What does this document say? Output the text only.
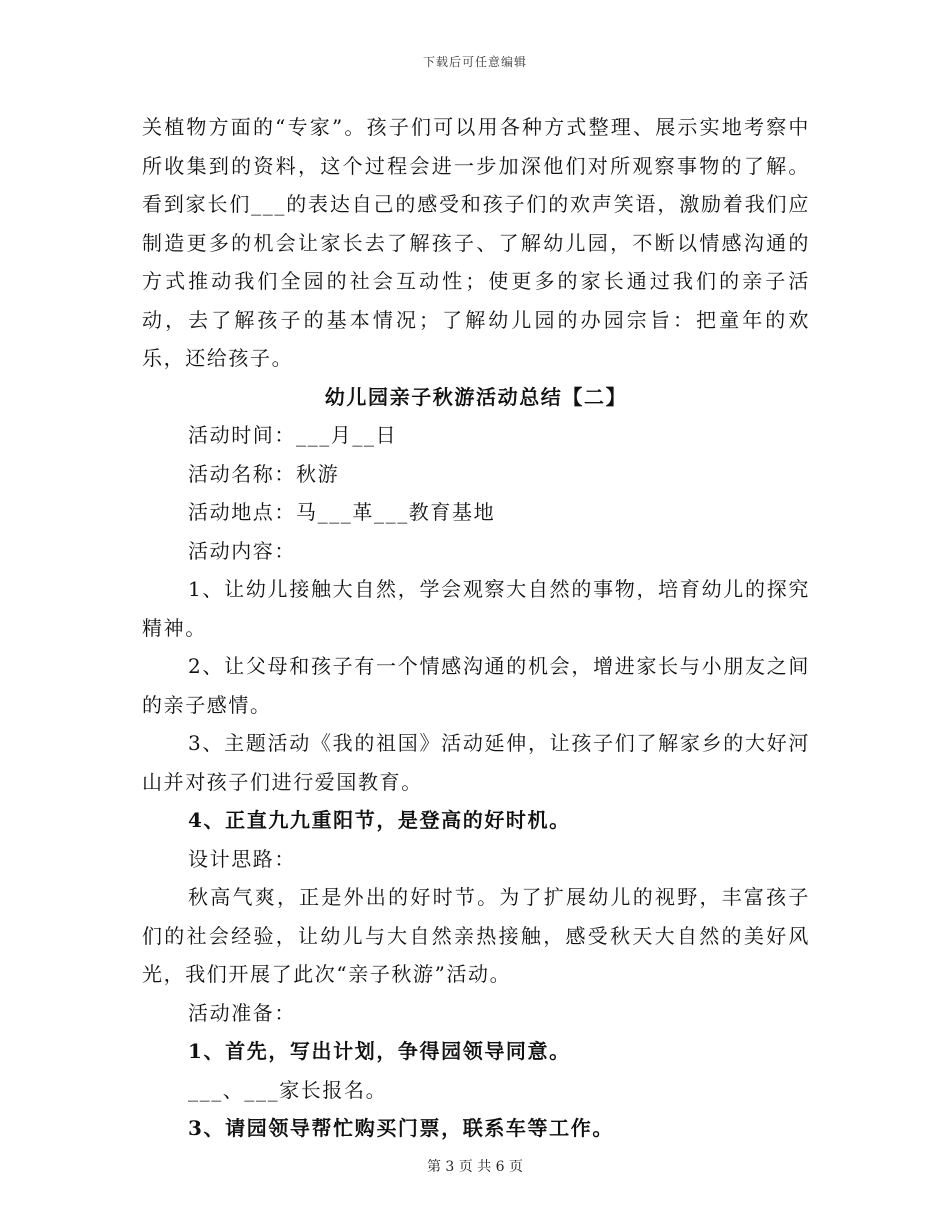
下载后可任意编辑

关植物方面的“专家”。孩子们可以用各种方式整理、展示实地考察中所收集到的资料，这个过程会进一步加深他们对所观察事物的了解。看到家长们___的表达自己的感受和孩子们的欢声笑语，激励着我们应制造更多的机会让家长去了解孩子、了解幼儿园，不断以情感沟通的方式推动我们全园的社会互动性；使更多的家长通过我们的亲子活动，去了解孩子的基本情况；了解幼儿园的办园宗旨：把童年的欢乐，还给孩子。

幼儿园亲子秋游活动总结【二】

活动时间：___月__日

活动名称：秋游

活动地点：马___革___教育基地

活动内容：

1、让幼儿接触大自然，学会观察大自然的事物，培育幼儿的探究精神。

2、让父母和孩子有一个情感沟通的机会，增进家长与小朋友之间的亲子感情。

3、主题活动《我的祖国》活动延伸，让孩子们了解家乡的大好河山并对孩子们进行爱国教育。

4、正直九九重阳节，是登高的好时机。

设计思路：

秋高气爽，正是外出的好时节。为了扩展幼儿的视野，丰富孩子们的社会经验，让幼儿与大自然亲热接触，感受秋天大自然的美好风光，我们开展了此次“亲子秋游”活动。

活动准备：

1、首先，写出计划，争得园领导同意。

___、___家长报名。

3、请园领导帮忙购买门票，联系车等工作。

第 3 页 共 6 页
